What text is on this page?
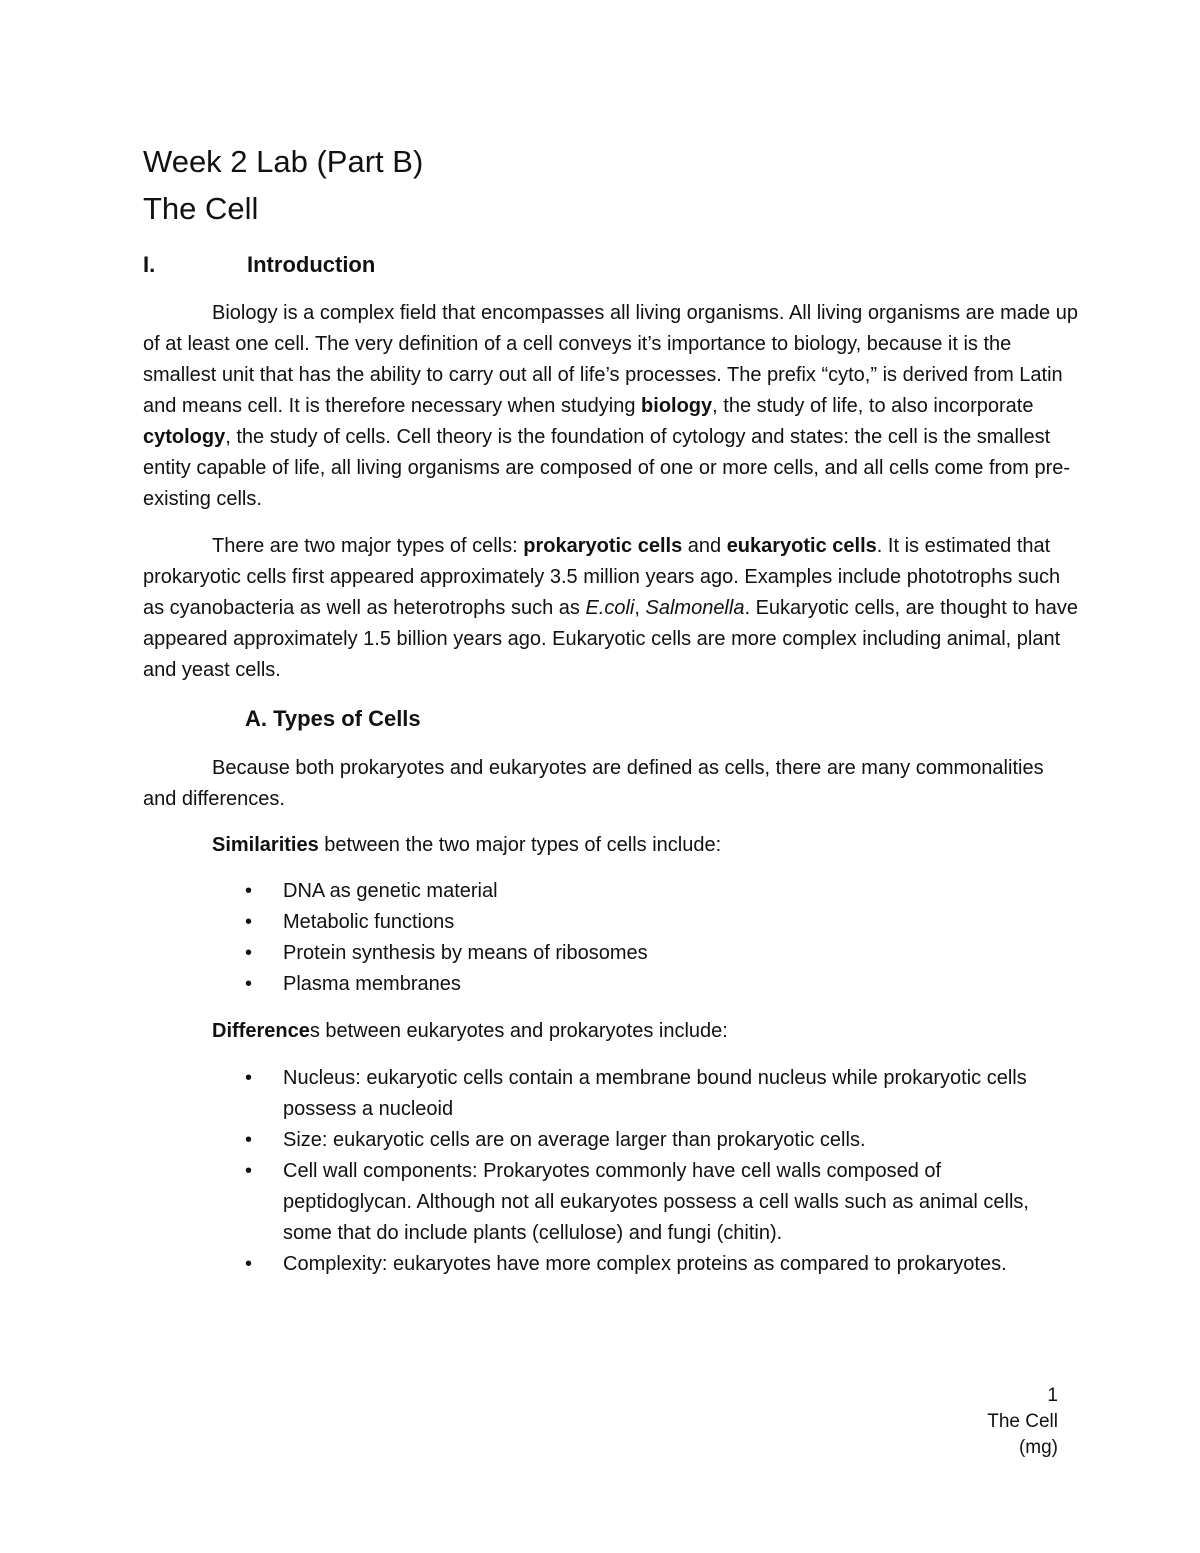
Week 2 Lab (Part B)
The Cell
I.	Introduction

Biology is a complex field that encompasses all living organisms. All living organisms are made up of at least one cell. The very definition of a cell conveys it’s importance to biology, because it is the smallest unit that has the ability to carry out all of life’s processes. The prefix “cyto,” is derived from Latin and means cell. It is therefore necessary when studying biology, the study of life, to also incorporate cytology, the study of cells. Cell theory is the foundation of cytology and states: the cell is the smallest entity capable of life, all living organisms are composed of one or more cells, and all cells come from pre-existing cells.

There are two major types of cells: prokaryotic cells and eukaryotic cells. It is estimated that prokaryotic cells first appeared approximately 3.5 million years ago. Examples include phototrophs such as cyanobacteria as well as heterotrophs such as E.coli, Salmonella. Eukaryotic cells, are thought to have appeared approximately 1.5 billion years ago. Eukaryotic cells are more complex including animal, plant and yeast cells.

A. Types of Cells

Because both prokaryotes and eukaryotes are defined as cells, there are many commonalities and differences.

Similarities between the two major types of cells include:

•	DNA as genetic material
•	Metabolic functions
•	Protein synthesis by means of ribosomes
•	Plasma membranes

Differences between eukaryotes and prokaryotes include:

•	Nucleus: eukaryotic cells contain a membrane bound nucleus while prokaryotic cells possess a nucleoid
•	Size: eukaryotic cells are on average larger than prokaryotic cells.
•	Cell wall components: Prokaryotes commonly have cell walls composed of peptidoglycan. Although not all eukaryotes possess a cell walls such as animal cells, some that do include plants (cellulose) and fungi (chitin).
•	Complexity: eukaryotes have more complex proteins as compared to prokaryotes.
1
The Cell
(mg)
